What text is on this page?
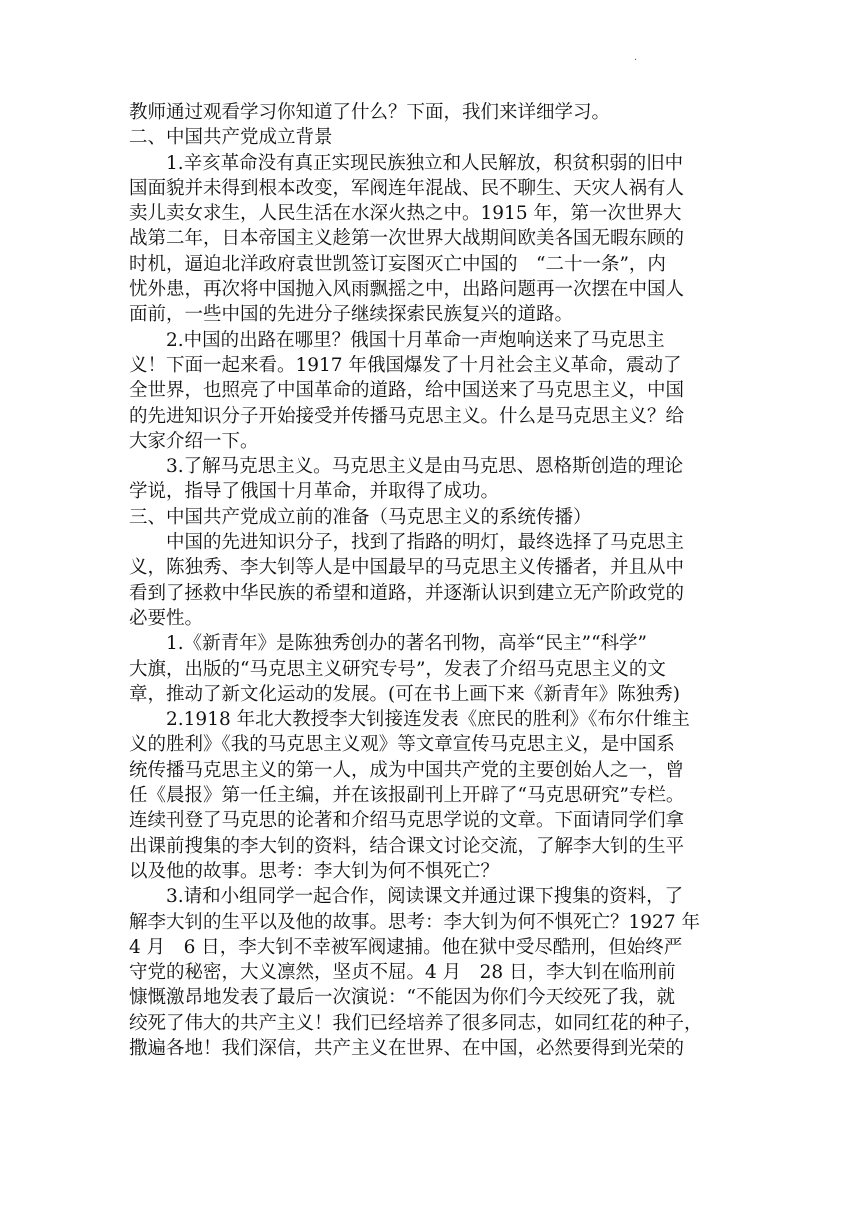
.
教师通过观看学习你知道了什么？下面，我们来详细学习。
二、中国共产党成立背景
　　1.辛亥革命没有真正实现民族独立和人民解放，积贫积弱的旧中
国面貌并未得到根本改变，军阀连年混战、民不聊生、天灾人祸有人
卖儿卖女求生，人民生活在水深火热之中。1915 年，第一次世界大
战第二年，日本帝国主义趁第一次世界大战期间欧美各国无暇东顾的
时机，逼迫北洋政府袁世凯签订妄图灭亡中国的　“二十一条”，内
忧外患，再次将中国抛入风雨飘摇之中，出路问题再一次摆在中国人
面前，一些中国的先进分子继续探索民族复兴的道路。
　　2.中国的出路在哪里？俄国十月革命一声炮响送来了马克思主
义！下面一起来看。1917 年俄国爆发了十月社会主义革命，震动了
全世界，也照亮了中国革命的道路，给中国送来了马克思主义，中国
的先进知识分子开始接受并传播马克思主义。什么是马克思主义？给
大家介绍一下。
　　3.了解马克思主义。马克思主义是由马克思、恩格斯创造的理论
学说，指导了俄国十月革命，并取得了成功。
三、中国共产党成立前的准备（马克思主义的系统传播）
　　中国的先进知识分子，找到了指路的明灯，最终选择了马克思主
义，陈独秀、李大钊等人是中国最早的马克思主义传播者，并且从中
看到了拯救中华民族的希望和道路，并逐渐认识到建立无产阶政党的
必要性。
　　1.《新青年》是陈独秀创办的著名刊物，高举“民主”“科学”
大旗，出版的“马克思主义研究专号”，发表了介绍马克思主义的文
章，推动了新文化运动的发展。(可在书上画下来《新青年》陈独秀)
　　2.1918 年北大教授李大钊接连发表《庶民的胜利》《布尔什维主
义的胜利》《我的马克思主义观》等文章宣传马克思主义，是中国系
统传播马克思主义的第一人，成为中国共产党的主要创始人之一，曾
任《晨报》第一任主编，并在该报副刊上开辟了“马克思研究”专栏。
连续刊登了马克思的论著和介绍马克思学说的文章。下面请同学们拿
出课前搜集的李大钊的资料，结合课文讨论交流，了解李大钊的生平
以及他的故事。思考：李大钊为何不惧死亡？
　　3.请和小组同学一起合作，阅读课文并通过课下搜集的资料，了
解李大钊的生平以及他的故事。思考：李大钊为何不惧死亡？1927 年
4 月　6 日，李大钊不幸被军阀逮捕。他在狱中受尽酷刑，但始终严
守党的秘密，大义凛然，坚贞不屈。4 月　28 日，李大钊在临刑前
慷慨激昂地发表了最后一次演说：“不能因为你们今天绞死了我，就
绞死了伟大的共产主义！我们已经培养了很多同志，如同红花的种子，
撒遍各地！我们深信，共产主义在世界、在中国，必然要得到光荣的
